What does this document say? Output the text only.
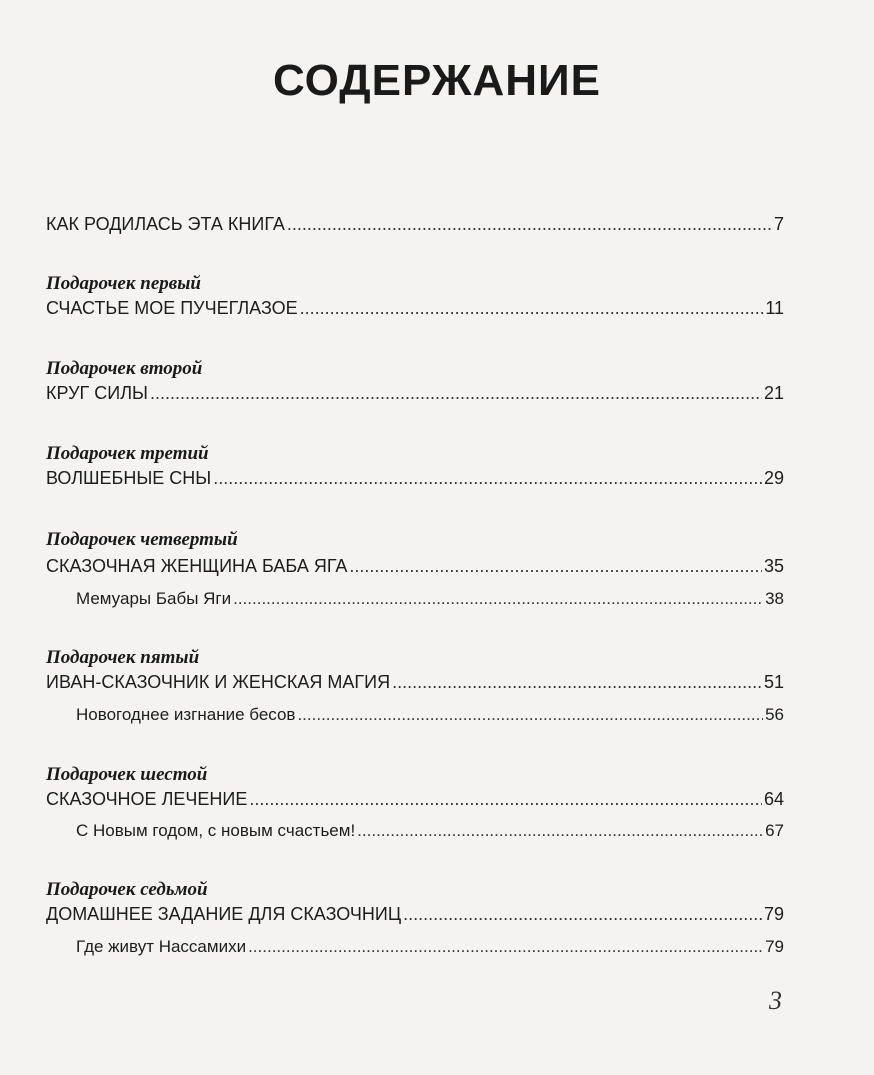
СОДЕРЖАНИЕ
КАК РОДИЛАСЬ ЭТА КНИГА .....	7
Подарочек первый
СЧАСТЬЕ МОЕ ПУЧЕГЛАЗОЕ .....	11
Подарочек второй
КРУГ СИЛЫ .....	21
Подарочек третий
ВОЛШЕБНЫЕ СНЫ .....	29
Подарочек четвертый
СКАЗОЧНАЯ ЖЕНЩИНА БАБА ЯГА .....	35
Мемуары Бабы Яги .....	38
Подарочек пятый
ИВАН-СКАЗОЧНИК И ЖЕНСКАЯ МАГИЯ .....	51
Новогоднее изгнание бесов .....	56
Подарочек шестой
СКАЗОЧНОЕ ЛЕЧЕНИЕ .....	64
С Новым годом, с новым счастьем! .....	67
Подарочек седьмой
ДОМАШНЕЕ ЗАДАНИЕ ДЛЯ СКАЗОЧНИЦ .....	79
Где живут Нассамихи .....	79
3
